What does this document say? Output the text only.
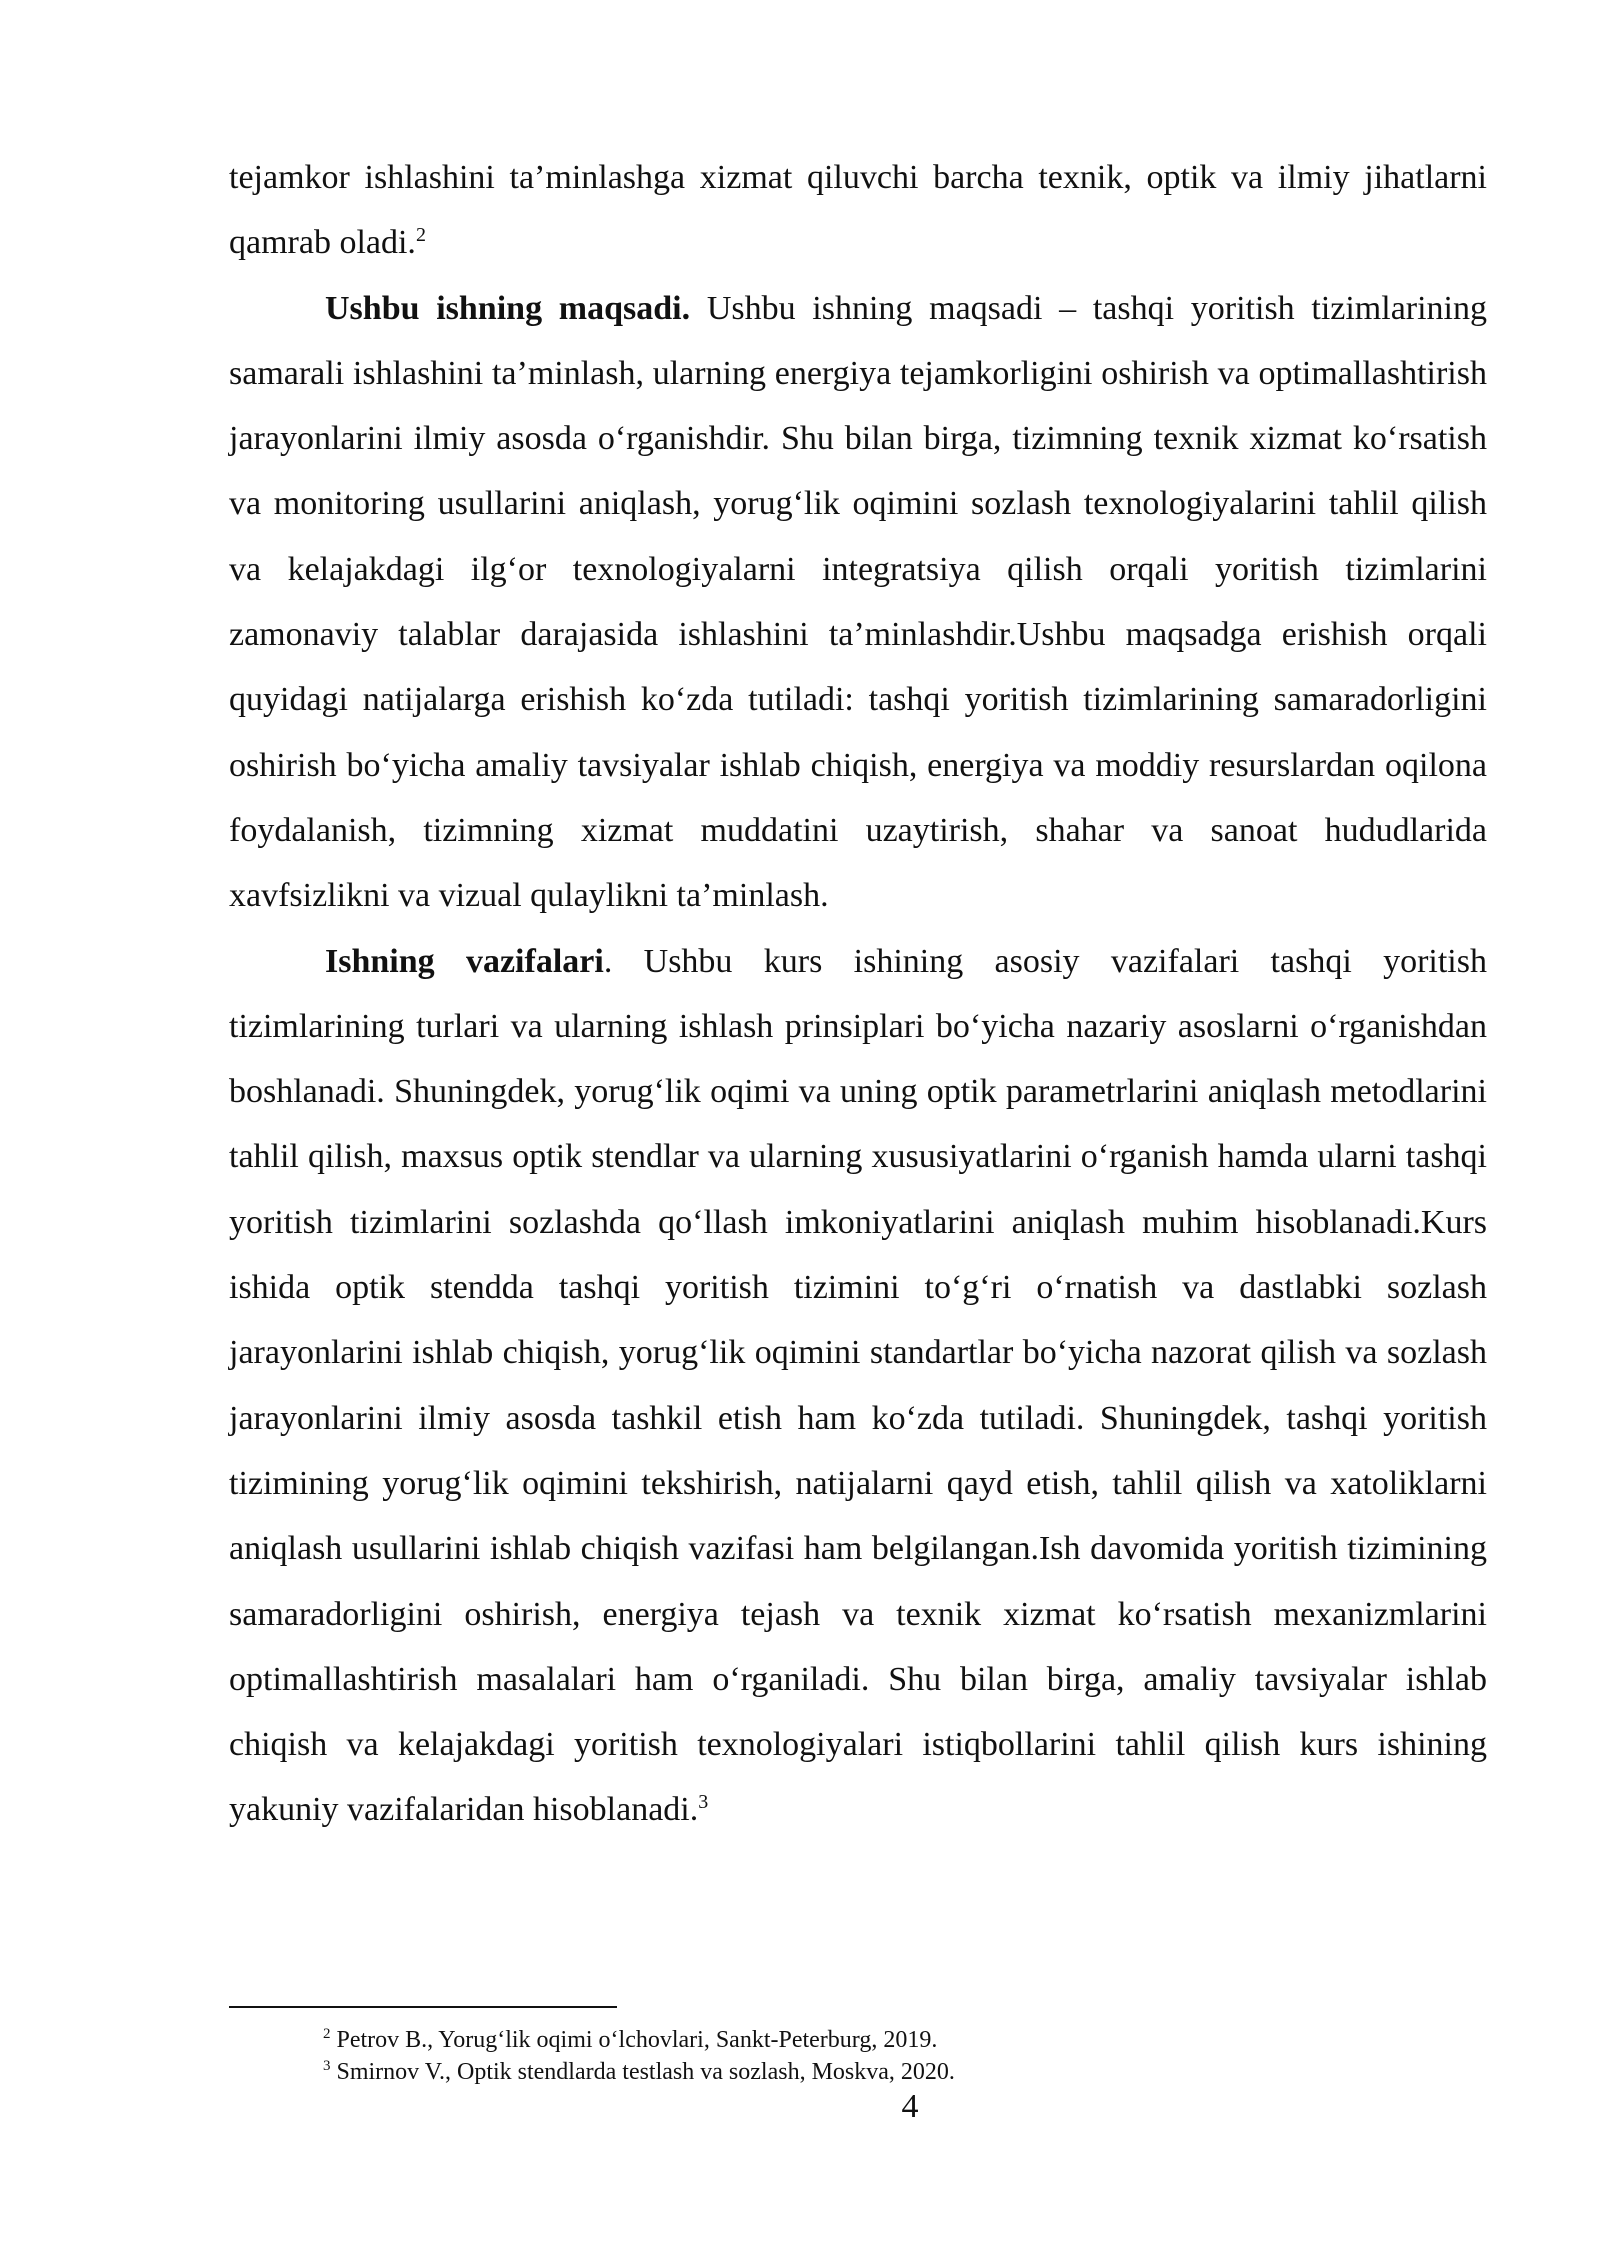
tejamkor ishlashini ta’minlashga xizmat qiluvchi barcha texnik, optik va ilmiy jihatlarni qamrab oladi.$^2$

Ushbu ishning maqsadi. Ushbu ishning maqsadi – tashqi yoritish tizimlarining samarali ishlashini ta’minlash, ularning energiya tejamkorligini oshirish va optimallashtirish jarayonlarini ilmiy asosda oʻrganishdir. Shu bilan birga, tizimning texnik xizmat koʻrsatish va monitoring usullarini aniqlash, yorugʻlik oqimini sozlash texnologiyalarini tahlil qilish va kelajakdagi ilgʻor texnologiyalarni integratsiya qilish orqali yoritish tizimlarini zamonaviy talablar darajasida ishlashini ta’minlashdir.Ushbu maqsadga erishish orqali quyidagi natijalarga erishish koʻzda tutiladi: tashqi yoritish tizimlarining samaradorligini oshirish boʻyicha amaliy tavsiyalar ishlab chiqish, energiya va moddiy resurslardan oqilona foydalanish, tizimning xizmat muddatini uzaytirish, shahar va sanoat hududlarida xavfsizlikni va vizual qulaylikni ta’minlash.

Ishning vazifalari. Ushbu kurs ishining asosiy vazifalari tashqi yoritish tizimlarining turlari va ularning ishlash prinsiplari boʻyicha nazariy asoslarni oʻrganishdan boshlanadi. Shuningdek, yorugʻlik oqimi va uning optik parametrlarini aniqlash metodlarini tahlil qilish, maxsus optik stendlar va ularning xususiyatlarini oʻrganish hamda ularni tashqi yoritish tizimlarini sozlashda qoʻllash imkoniyatlarini aniqlash muhim hisoblanadi.Kurs ishida optik stendda tashqi yoritish tizimini toʻgʻri oʻrnatish va dastlabki sozlash jarayonlarini ishlab chiqish, yorugʻlik oqimini standartlar boʻyicha nazorat qilish va sozlash jarayonlarini ilmiy asosda tashkil etish ham koʻzda tutiladi. Shuningdek, tashqi yoritish tizimining yorugʻlik oqimini tekshirish, natijalarni qayd etish, tahlil qilish va xatoliklarni aniqlash usullarini ishlab chiqish vazifasi ham belgilangan.Ish davomida yoritish tizimining samaradorligini oshirish, energiya tejash va texnik xizmat koʻrsatish mexanizmlarini optimallashtirish masalalari ham oʻrganiladi. Shu bilan birga, amaliy tavsiyalar ishlab chiqish va kelajakdagi yoritish texnologiyalari istiqbollarini tahlil qilish kurs ishining yakuniy vazifalaridan hisoblanadi.$^3$

$^2$ Petrov B., Yorugʻlik oqimi oʻlchovlari, Sankt-Peterburg, 2019.

$^3$ Smirnov V., Optik stendlarda testlash va sozlash, Moskva, 2020.

4
